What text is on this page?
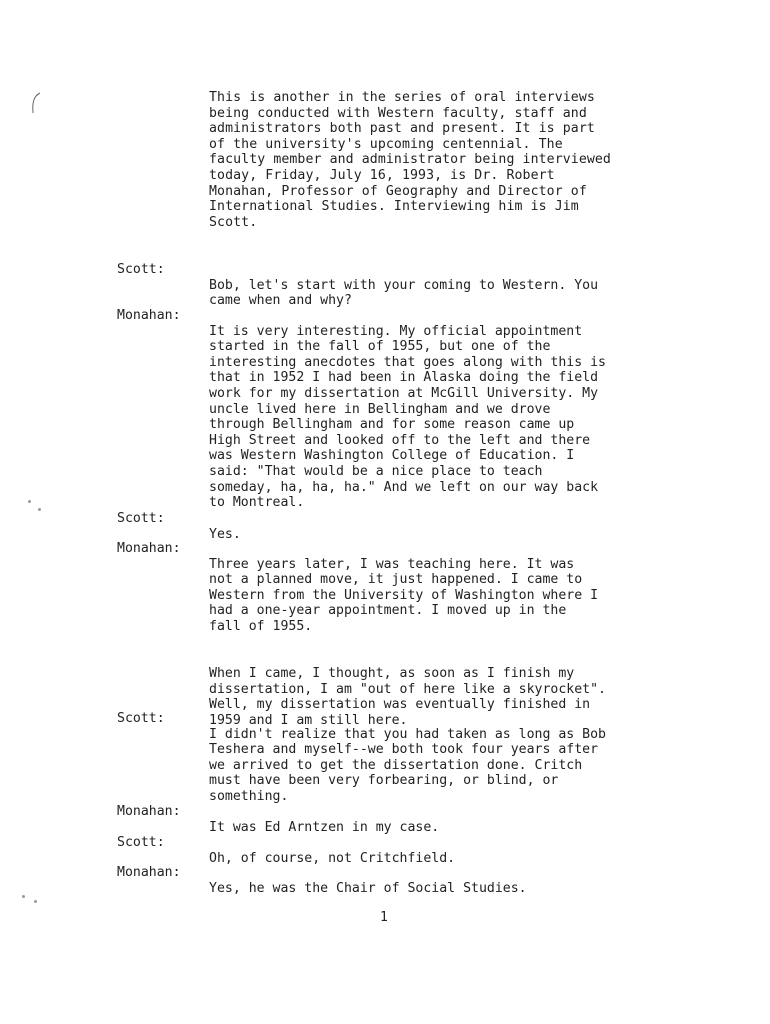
This is another in the series of oral interviews
being conducted with Western faculty, staff and
administrators both past and present. It is part
of the university's upcoming centennial. The
faculty member and administrator being interviewed
today, Friday, July 16, 1993, is Dr. Robert
Monahan, Professor of Geography and Director of
International Studies. Interviewing him is Jim
Scott.
Scott:

Bob, let's start with your coming to Western. You
came when and why?

Monahan:

It is very interesting. My official appointment
started in the fall of 1955, but one of the
interesting anecdotes that goes along with this is
that in 1952 I had been in Alaska doing the field
work for my dissertation at McGill University. My
uncle lived here in Bellingham and we drove
through Bellingham and for some reason came up
High Street and looked off to the left and there
was Western Washington College of Education. I
said: "That would be a nice place to teach
someday, ha, ha, ha." And we left on our way back
to Montreal.

Scott:

Yes.

Monahan:

Three years later, I was teaching here. It was
not a planned move, it just happened. I came to
Western from the University of Washington where I
had a one-year appointment. I moved up in the
fall of 1955.

When I came, I thought, as soon as I finish my
dissertation, I am "out of here like a skyrocket".
Well, my dissertation was eventually finished in
1959 and I am still here.

Scott:

I didn't realize that you had taken as long as Bob
Teshera and myself--we both took four years after
we arrived to get the dissertation done. Critch
must have been very forbearing, or blind, or
something.

Monahan:

It was Ed Arntzen in my case.

Scott:

Oh, of course, not Critchfield.

Monahan:

Yes, he was the Chair of Social Studies.

1
